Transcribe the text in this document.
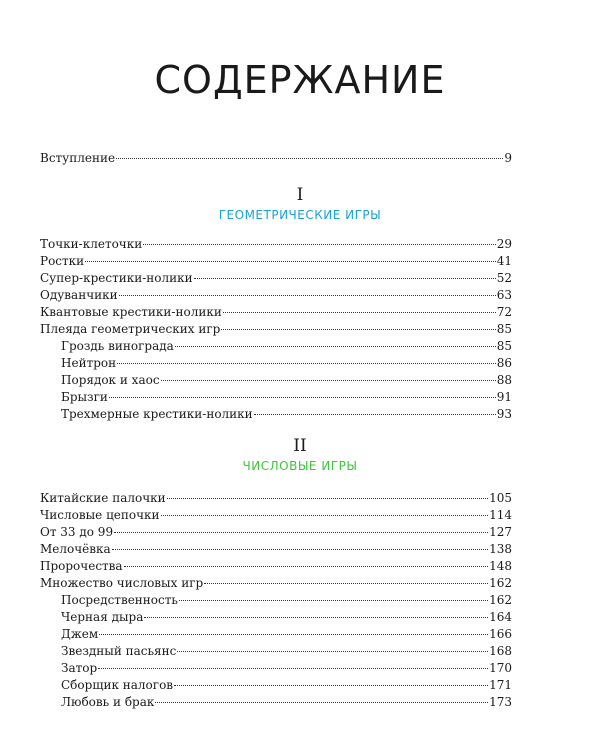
СОДЕРЖАНИЕ
Вступление	9
I
ГЕОМЕТРИЧЕСКИЕ ИГРЫ
Точки-клеточки	29
Ростки	41
Супер-крестики-нолики	52
Одуванчики	63
Квантовые крестики-нолики	72
Плеяда геометрических игр	85
Гроздь винограда	85
Нейтрон	86
Порядок и хаос	88
Брызги	91
Трехмерные крестики-нолики	93
II
ЧИСЛОВЫЕ ИГРЫ
Китайские палочки	105
Числовые цепочки	114
От 33 до 99	127
Мелочёвка	138
Пророчества	148
Множество числовых игр	162
Посредственность	162
Черная дыра	164
Джем	166
Звездный пасьянс	168
Затор	170
Сборщик налогов	171
Любовь и брак	173
